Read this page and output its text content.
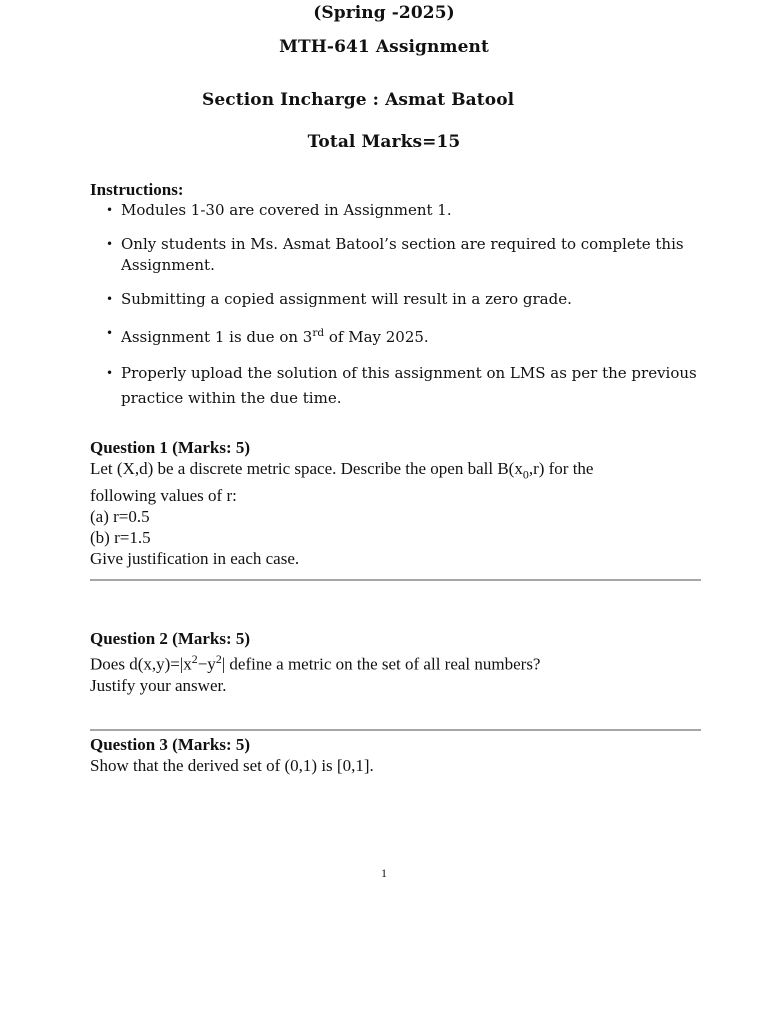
(Spring -2025)
MTH-641 Assignment
Section Incharge : Asmat Batool
Total Marks=15
Instructions:
• Modules 1-30 are covered in Assignment 1.
• Only students in Ms. Asmat Batool’s section are required to complete this Assignment.
• Submitting a copied assignment will result in a zero grade.
• Assignment 1 is due on 3rd of May 2025.
• Properly upload the solution of this assignment on LMS as per the previous practice within the due time.
Question 1 (Marks: 5)
Let (X,d) be a discrete metric space. Describe the open ball $B(x_0,r)$ for the
following values of r:
(a) r=0.5
(b) r=1.5
Give justification in each case.
Question 2 (Marks: 5)
Does $d(x,y)=|x^2-y^2|$ define a metric on the set of all real numbers?
Justify your answer.
Question 3 (Marks: 5)
Show that the derived set of (0,1) is [0,1].
1
